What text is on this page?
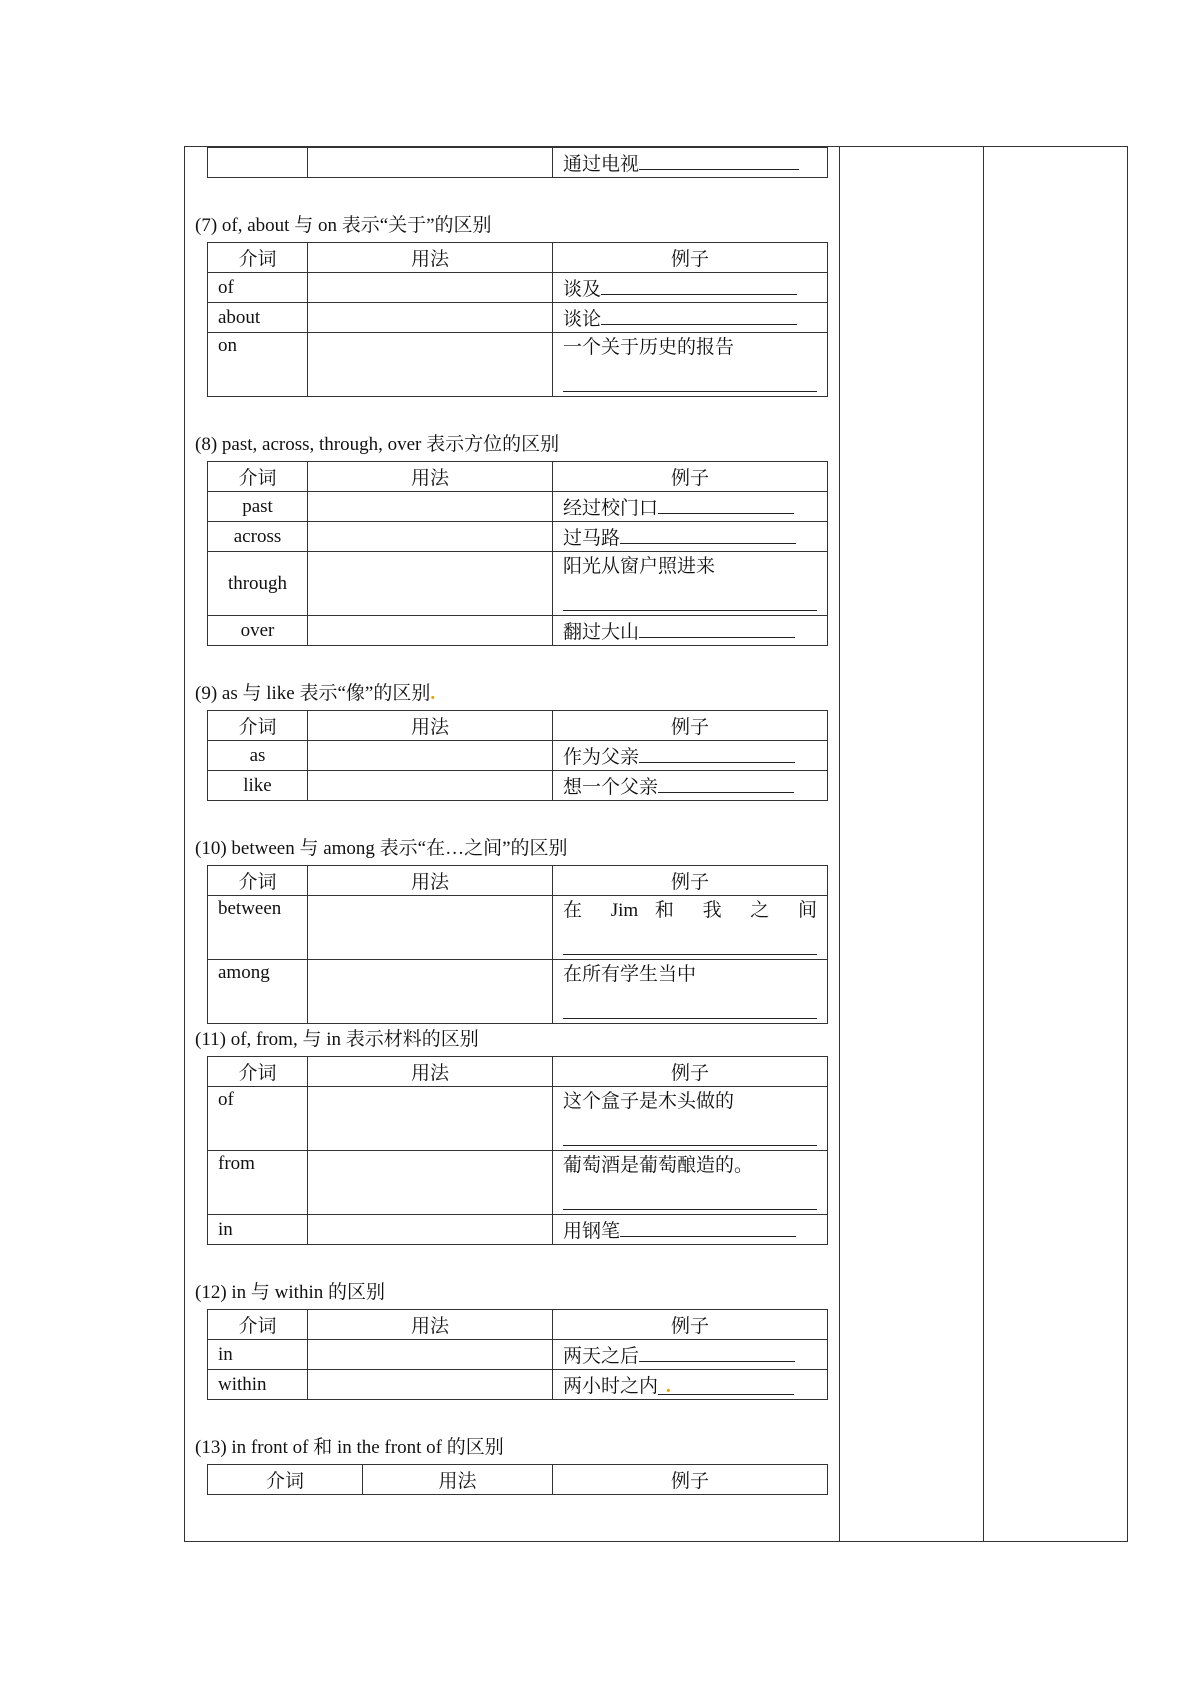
		通过电视
(7) of, about 与 on 表示“关于”的区别
介词	用法	例子
of		谈及
about		谈论
on		一个关于历史的报告
(8) past, across, through, over 表示方位的区别
介词	用法	例子
past		经过校门口
across		过马路
through		阳光从窗户照进来

over		翻过大山
(9) as 与 like 表示“像”的区别.
介词	用法	例子
as		作为父亲
like		想一个父亲
(10) between 与 among 表示“在…之间”的区别
介词	用法	例子
between		在 Jim 和 我 之 间

among		在所有学生当中
(11) of, from, 与 in 表示材料的区别
介词	用法	例子
of		这个盒子是木头做的

from		葡萄酒是葡萄酿造的。

in		用钢笔
(12) in 与 within 的区别
介词	用法	例子
in		两天之后
within		两小时之内 .
(13) in front of 和 in the front of 的区别
介词	用法	例子
